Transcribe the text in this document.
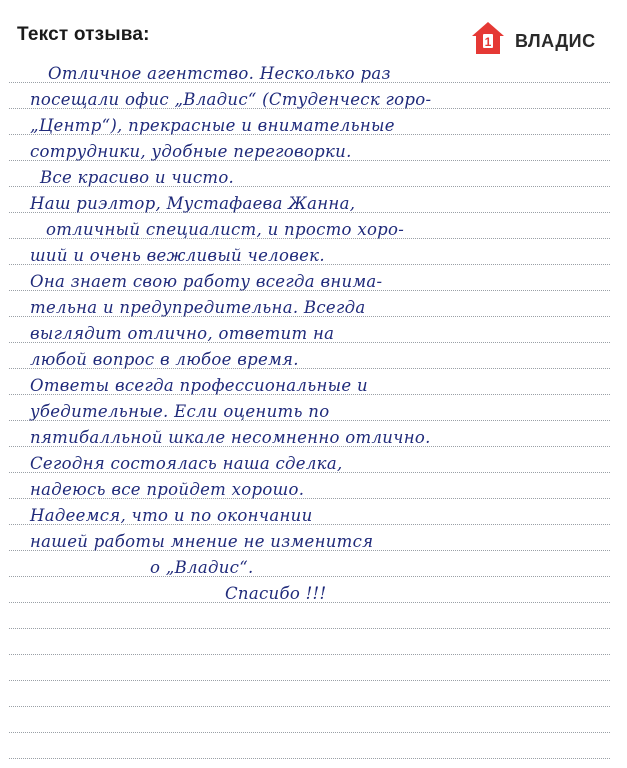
Текст отзыва:	1 ВЛАДИС
Отличное агентство. Несколько раз
посещали офис „Владис“ (Студенческ горо-
„Центр“), прекрасные и внимательные
сотрудники, удобные переговорки.
Все красиво и чисто.
Наш риэлтор, Мустафаева Жанна,
отличный специалист, и просто хоро-
ший и очень вежливый человек.
Она знает свою работу всегда внима-
тельна и предупредительна. Всегда
выглядит отлично, ответит на
любой вопрос в любое время.
Ответы всегда профессиональные и
убедительные. Если оценить по
пятибалльной шкале несомненно отлично.
Сегодня состоялась наша сделка,
надеюсь все пройдет хорошо.
Надеемся, что и по окончании
нашей работы мнение не изменится
о „Владис“.
Спасибо !!!
